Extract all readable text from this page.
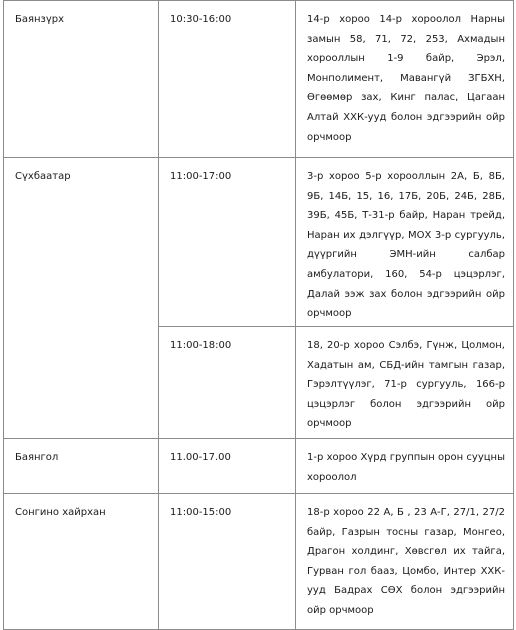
Баянзүрх	10:30-16:00	14-р хороо 14-р хороолол Нарны замын 58, 71, 72, 253, Ахмадын хорооллын 1-9 байр, Эрэл, Монполимент, Мавангүй ЗГБХН, Өгөөмөр зах, Кинг палас, Цагаан Алтай ХХК-ууд болон эдгээрийн ойр орчмоор
Сүхбаатар	11:00-17:00	3-р хороо 5-р хорооллын 2А, Б, 8Б, 9Б, 14Б, 15, 16, 17Б, 20Б, 24Б, 28Б, 39Б, 45Б, Т-31-р байр, Наран трейд, Наран их дэлгүүр, МОХ 3-р сургууль, дүүргийн ЭМН-ийн салбар амбулатори, 160, 54-р цэцэрлэг, Далай ээж зах болон эдгээрийн ойр орчмоор
	11:00-18:00	18, 20-р хороо Сэлбэ, Гүнж, Цолмон, Хадатын ам, СБД-ийн тамгын газар, Гэрэлтүүлэг, 71-р сургууль, 166-р цэцэрлэг болон эдгээрийн ойр орчмоор
Баянгол	11.00-17.00	1-р хороо Хүрд группын орон сууцны хороолол
Сонгино хайрхан	11:00-15:00	18-р хороо 22 А, Б , 23 А-Г, 27/1, 27/2 байр, Газрын тосны газар, Монгео, Драгон холдинг, Хөвсгөл их тайга, Гурван гол бааз, Цомбо, Интер ХХК-ууд Бадрах СӨХ болон эдгээрийн ойр орчмоор
